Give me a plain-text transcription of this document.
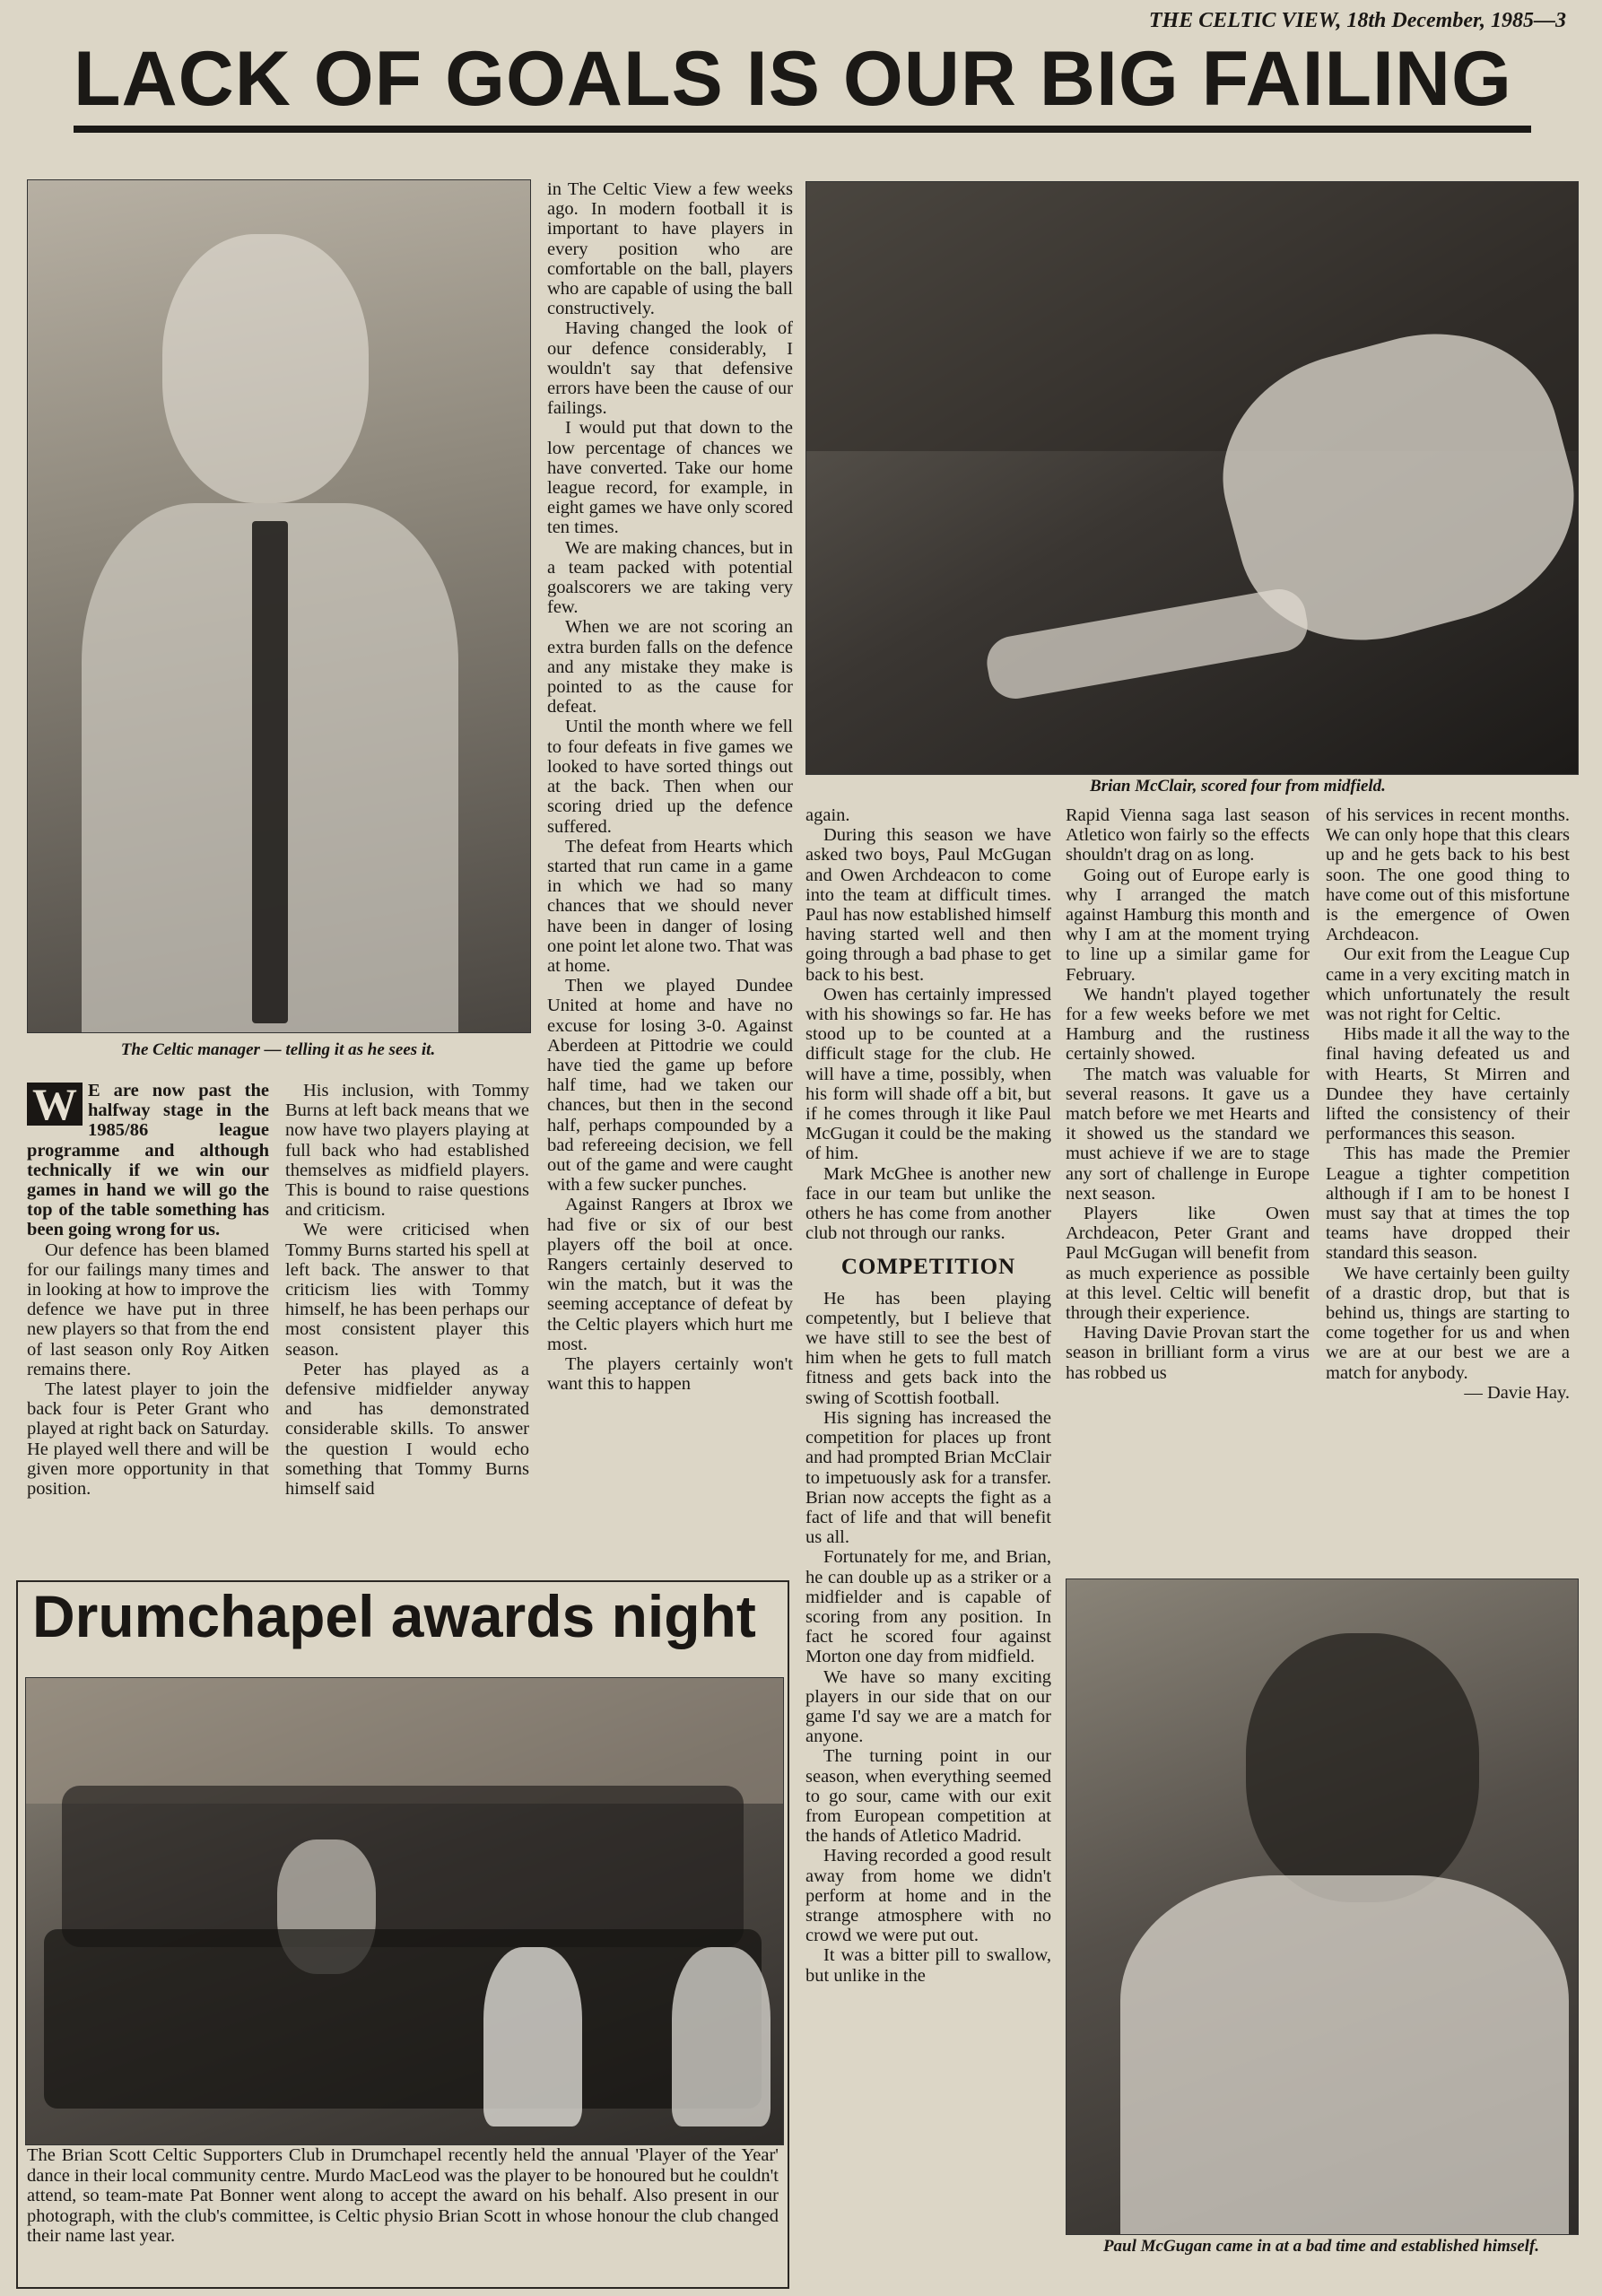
THE CELTIC VIEW, 18th December, 1985—3
LACK OF GOALS IS OUR BIG FAILING
The Celtic manager — telling it as he sees it.
Brian McClair, scored four from midfield.
Paul McGugan came in at a bad time and established himself.

W E are now past the halfway stage in the 1985/86 league programme and although technically if we win our games in hand we will go the top of the table something has been going wrong for us.

Our defence has been blamed for our failings many times and in looking at how to improve the defence we have put in three new players so that from the end of last season only Roy Aitken remains there.

The latest player to join the back four is Peter Grant who played at right back on Saturday. He played well there and will be given more opportunity in that position.

His inclusion, with Tommy Burns at left back means that we now have two players playing at full back who had established themselves as midfield players. This is bound to raise questions and criticism.

We were criticised when Tommy Burns started his spell at left back. The answer to that criticism lies with Tommy himself, he has been perhaps our most consistent player this season.

Peter has played as a defensive midfielder anyway and has demonstrated considerable skills. To answer the question I would echo something that Tommy Burns himself said

in The Celtic View a few weeks ago. In modern football it is important to have players in every position who are comfortable on the ball, players who are capable of using the ball constructively.

Having changed the look of our defence considerably, I wouldn't say that defensive errors have been the cause of our failings.

I would put that down to the low percentage of chances we have converted. Take our home league record, for example, in eight games we have only scored ten times.

We are making chances, but in a team packed with potential goalscorers we are taking very few.

When we are not scoring an extra burden falls on the defence and any mistake they make is pointed to as the cause for defeat.

Until the month where we fell to four defeats in five games we looked to have sorted things out at the back. Then when our scoring dried up the defence suffered.

The defeat from Hearts which started that run came in a game in which we had so many chances that we should never have been in danger of losing one point let alone two. That was at home.

Then we played Dundee United at home and have no excuse for losing 3-0. Against Aberdeen at Pittodrie we could have tied the game up before half time, had we taken our chances, but then in the second half, perhaps compounded by a bad refereeing decision, we fell out of the game and were caught with a few sucker punches.

Against Rangers at Ibrox we had five or six of our best players off the boil at once. Rangers certainly deserved to win the match, but it was the seeming acceptance of defeat by the Celtic players which hurt me most.

The players certainly won't want this to happen

again.

During this season we have asked two boys, Paul McGugan and Owen Archdeacon to come into the team at difficult times. Paul has now established himself having started well and then going through a bad phase to get back to his best.

Owen has certainly impressed with his showings so far. He has stood up to be counted at a difficult stage for the club. He will have a time, possibly, when his form will shade off a bit, but if he comes through it like Paul McGugan it could be the making of him.

Mark McGhee is another new face in our team but unlike the others he has come from another club not through our ranks.

COMPETITION

He has been playing competently, but I believe that we have still to see the best of him when he gets to full match fitness and gets back into the swing of Scottish football.

His signing has increased the competition for places up front and had prompted Brian McClair to impetuously ask for a transfer. Brian now accepts the fight as a fact of life and that will benefit us all.

Fortunately for me, and Brian, he can double up as a striker or a midfielder and is capable of scoring from any position. In fact he scored four against Morton one day from midfield.

We have so many exciting players in our side that on our game I'd say we are a match for anyone.

The turning point in our season, when everything seemed to go sour, came with our exit from European competition at the hands of Atletico Madrid.

Having recorded a good result away from home we didn't perform at home and in the strange atmosphere with no crowd we were put out.

It was a bitter pill to swallow, but unlike in the

Rapid Vienna saga last season Atletico won fairly so the effects shouldn't drag on as long.

Going out of Europe early is why I arranged the match against Hamburg this month and why I am at the moment trying to line up a similar game for February.

We handn't played together for a few weeks before we met Hamburg and the rustiness certainly showed.

The match was valuable for several reasons. It gave us a match before we met Hearts and it showed us the standard we must achieve if we are to stage any sort of challenge in Europe next season.

Players like Owen Archdeacon, Peter Grant and Paul McGugan will benefit from as much experience as possible at this level. Celtic will benefit through their experience.

Having Davie Provan start the season in brilliant form a virus has robbed us

of his services in recent months. We can only hope that this clears up and he gets back to his best soon. The one good thing to have come out of this misfortune is the emergence of Owen Archdeacon.

Our exit from the League Cup came in a very exciting match in which unfortunately the result was not right for Celtic.

Hibs made it all the way to the final having defeated us and with Hearts, St Mirren and Dundee they have certainly lifted the consistency of their performances this season.

This has made the Premier League a tighter competition although if I am to be honest I must say that at times the top teams have dropped their standard this season.

We have certainly been guilty of a drastic drop, but that is behind us, things are starting to come together for us and when we are at our best we are a match for anybody.

— Davie Hay.

Drumchapel awards night

The Brian Scott Celtic Supporters Club in Drumchapel recently held the annual 'Player of the Year' dance in their local community centre. Murdo MacLeod was the player to be honoured but he couldn't attend, so team-mate Pat Bonner went along to accept the award on his behalf. Also present in our photograph, with the club's committee, is Celtic physio Brian Scott in whose honour the club changed their name last year.
